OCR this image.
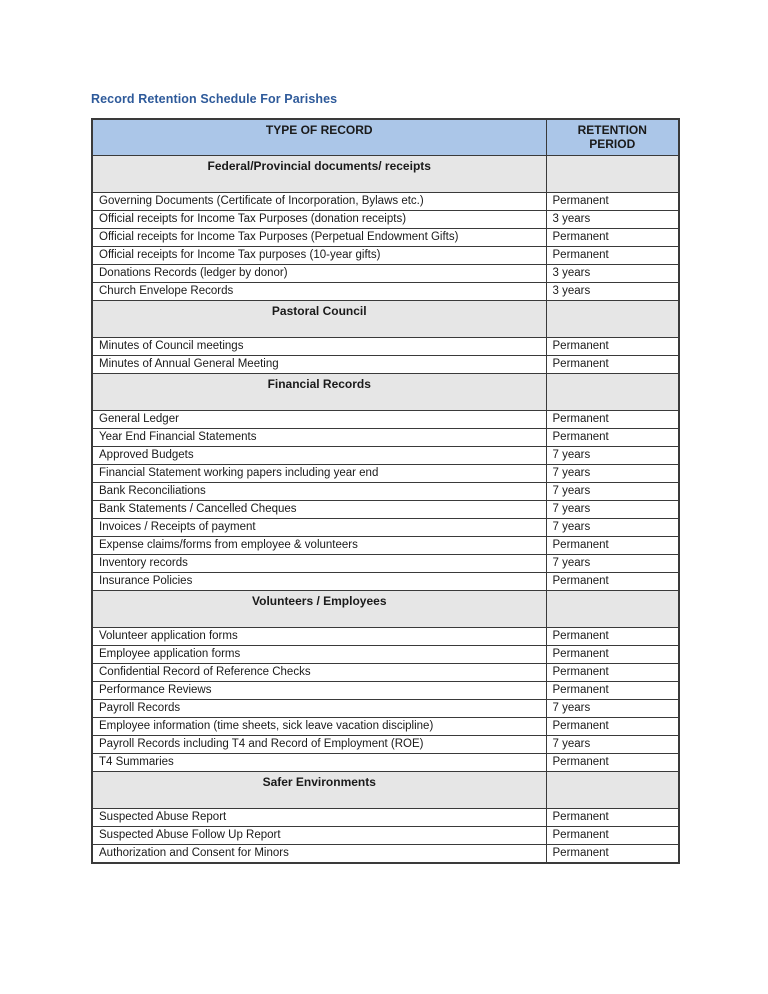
Record Retention Schedule For Parishes

TYPE OF RECORD	RETENTION PERIOD
Federal/Provincial documents/ receipts	
Governing Documents (Certificate of Incorporation, Bylaws etc.)	Permanent
Official receipts for Income Tax Purposes (donation receipts)	3 years
Official receipts for Income Tax Purposes (Perpetual Endowment Gifts)	Permanent
Official receipts for Income Tax purposes (10-year gifts)	Permanent
Donations Records (ledger by donor)	3 years
Church Envelope Records	3 years
Pastoral Council	
Minutes of Council meetings	Permanent
Minutes of Annual General Meeting	Permanent
Financial Records	
General Ledger	Permanent
Year End Financial Statements	Permanent
Approved Budgets	7 years
Financial Statement working papers including year end	7 years
Bank Reconciliations	7 years
Bank Statements / Cancelled Cheques	7 years
Invoices / Receipts of payment	7 years
Expense claims/forms from employee & volunteers	Permanent
Inventory records	7 years
Insurance Policies	Permanent
Volunteers / Employees	
Volunteer application forms	Permanent
Employee application forms	Permanent
Confidential Record of Reference Checks	Permanent
Performance Reviews	Permanent
Payroll Records	7 years
Employee information (time sheets, sick leave vacation discipline)	Permanent
Payroll Records including T4 and Record of Employment (ROE)	7 years
T4 Summaries	Permanent
Safer Environments	
Suspected Abuse Report	Permanent
Suspected Abuse Follow Up Report	Permanent
Authorization and Consent for Minors	Permanent
